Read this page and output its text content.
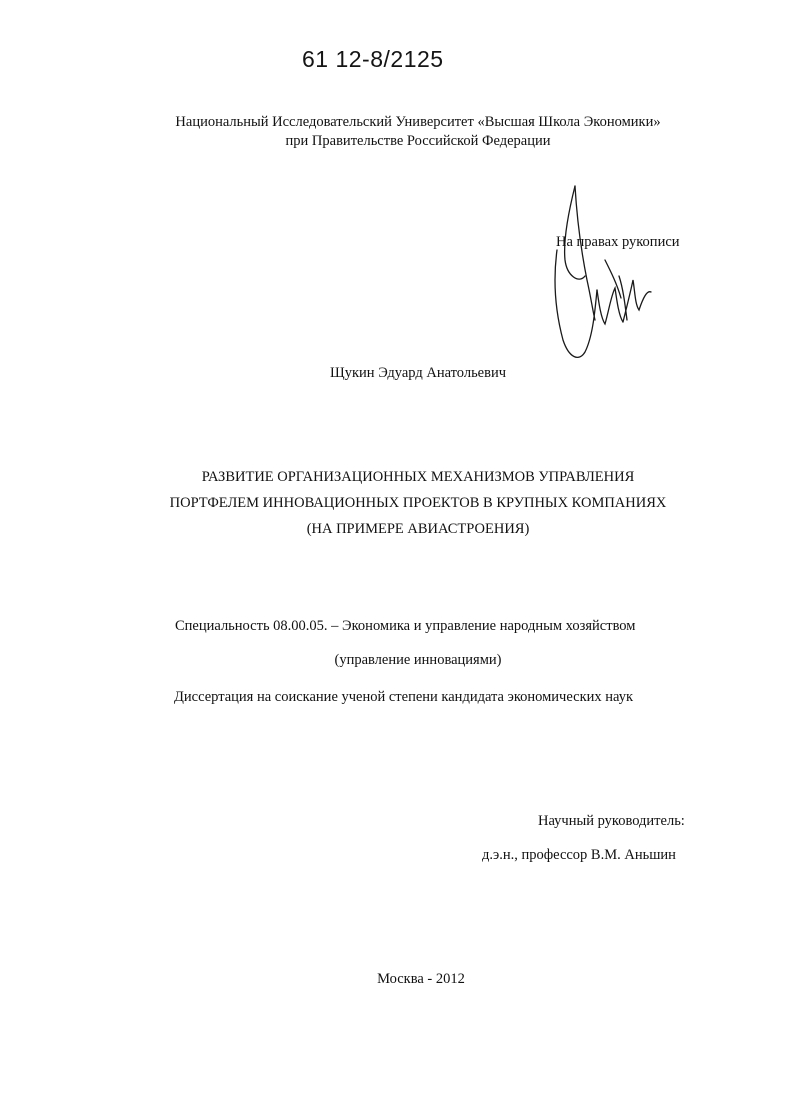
61 12-8/2125
Национальный Исследовательский Университет «Высшая Школа Экономики»
при Правительстве Российской Федерации
На правах рукописи
Щукин Эдуард Анатольевич
РАЗВИТИЕ ОРГАНИЗАЦИОННЫХ МЕХАНИЗМОВ УПРАВЛЕНИЯ
ПОРТФЕЛЕМ ИННОВАЦИОННЫХ ПРОЕКТОВ В КРУПНЫХ КОМПАНИЯХ
(НА ПРИМЕРЕ АВИАСТРОЕНИЯ)
Специальность 08.00.05. – Экономика и управление народным хозяйством
(управление инновациями)
Диссертация на соискание ученой степени кандидата экономических наук
Научный руководитель:
д.э.н., профессор В.М. Аньшин
Москва - 2012
